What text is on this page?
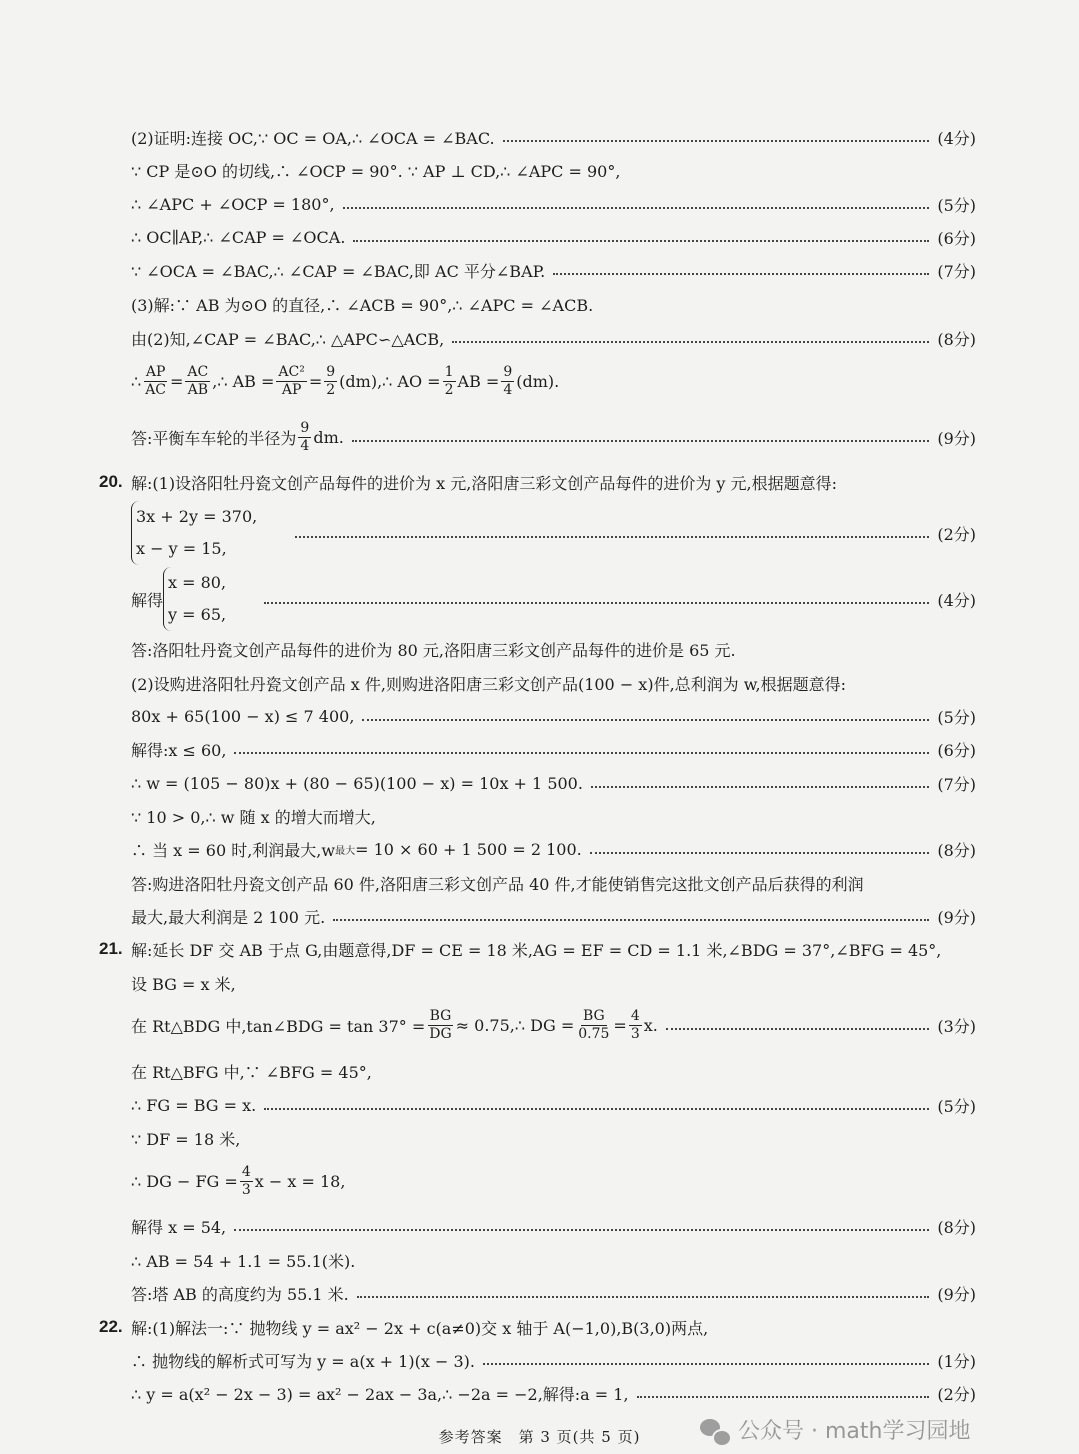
(2)证明:连接 OC,∵ OC = OA,∴ ∠OCA = ∠BAC.	(4分)
∵ CP 是⊙O 的切线,∴ ∠OCP = 90°. ∵ AP ⊥ CD,∴ ∠APC = 90°,
∴ ∠APC + ∠OCP = 180°,	(5分)
∴ OC∥AP,∴ ∠CAP = ∠OCA.	(6分)
∵ ∠OCA = ∠BAC,∴ ∠CAP = ∠BAC,即 AC 平分∠BAP.	(7分)
(3)解:∵ AB 为⊙O 的直径,∴ ∠ACB = 90°,∴ ∠APC = ∠ACB.
由(2)知,∠CAP = ∠BAC,∴ △APC∽△ACB,	(8分)
∴ $\frac{AP}{AC} = \frac{AC}{AB}$ ,∴ AB = $\frac{\text{AC²}}{AP} = \frac{9}{2}$ (dm),∴ AO = $\frac{1}{2}$ AB = $\frac{9}{4} (dm)$.
答:平衡车车轮的半径为 $\frac{9}{4}$ dm.	(9分)
20. 解:(1)设洛阳牡丹瓷文创产品每件的进价为 x 元,洛阳唐三彩文创产品每件的进价为 y 元,根据题意得:
3x + 2y = 370,
x − y = 15,
(2分)
解得
x = 80,
y = 65,
(4分)
答:洛阳牡丹瓷文创产品每件的进价为 80 元,洛阳唐三彩文创产品每件的进价是 65 元.
(2)设购进洛阳牡丹瓷文创产品 x 件,则购进洛阳唐三彩文创产品(100 − x)件,总利润为 w,根据题意得:
80x + 65(100 − x) ≤ 7 400,	(5分)
解得:x ≤ 60,	(6分)
∴ w = (105 − 80)x + (80 − 65)(100 − x) = 10x + 1 500.	(7分)
∵ 10 > 0,∴ w 随 x 的增大而增大,
∴ 当 x = 60 时,利润最大,w 最大 = 10 × 60 + 1 500 = 2 100.	(8分)
答:购进洛阳牡丹瓷文创产品 60 件,洛阳唐三彩文创产品 40 件,才能使销售完这批文创产品后获得的利润
最大,最大利润是 2 100 元.	(9分)
21. 解:延长 DF 交 AB 于点 G,由题意得,DF = CE = 18 米,AG = EF = CD = 1.1 米,∠BDG = 37°,∠BFG = 45°,
设 BG = x 米,
在 Rt△BDG 中,tan∠BDG = $\tan 37^\circ = \frac{BG}{DG}$ ≈ 0.75,∴ DG = $\frac{BG}{0.75} = \frac{4}{3} x$.	(3分)
在 Rt△BFG 中,∵ ∠BFG = 45°,
∴ FG = BG = x.	(5分)
∵ DF = 18 米,
∴ DG − FG = $\frac{4}{3}$ x − x = 18,
解得 x = 54,	(8分)
∴ AB = 54 + 1.1 = 55.1(米).
答:塔 AB 的高度约为 55.1 米.	(9分)
22. 解:(1)解法一:∵ 抛物线 y = ax² − 2x + c(a≠0)交 x 轴于 A(−1,0),B(3,0)两点,
∴ 抛物线的解析式可写为 y = a(x + 1)(x − 3).	(1分)
∴ y = a(x² − 2x − 3) = ax² − 2ax − 3a,∴ −2a = −2,解得:a = 1,	(2分)
参考答案　第 3 页(共 5 页)	公众号 · math学习园地
